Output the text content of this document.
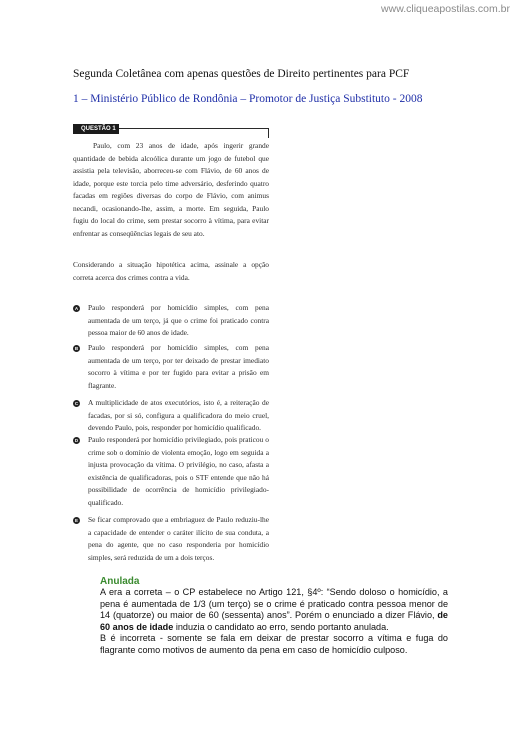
www.cliqueapostilas.com.br
Segunda Coletânea com apenas questões de Direito pertinentes para PCF
1 – Ministério Público de Rondônia – Promotor de Justiça Substituto - 2008
QUESTÃO 1

Paulo, com 23 anos de idade, após ingerir grande quantidade de bebida alcoólica durante um jogo de futebol que assistia pela televisão, aborreceu-se com Flávio, de 60 anos de idade, porque este torcia pelo time adversário, desferindo quatro facadas em regiões diversas do corpo de Flávio, com animus necandi, ocasionando-lhe, assim, a morte. Em seguida, Paulo fugiu do local do crime, sem prestar socorro à vítima, para evitar enfrentar as conseqüências legais de seu ato.

Considerando a situação hipotética acima, assinale a opção correta acerca dos crimes contra a vida.

A	Paulo responderá por homicídio simples, com pena aumentada de um terço, já que o crime foi praticado contra pessoa maior de 60 anos de idade.
B	Paulo responderá por homicídio simples, com pena aumentada de um terço, por ter deixado de prestar imediato socorro à vítima e por ter fugido para evitar a prisão em flagrante.
C	A multiplicidade de atos executórios, isto é, a reiteração de facadas, por si só, configura a qualificadora do meio cruel, devendo Paulo, pois, responder por homicídio qualificado.
D	Paulo responderá por homicídio privilegiado, pois praticou o crime sob o domínio de violenta emoção, logo em seguida a injusta provocação da vítima. O privilégio, no caso, afasta a existência de qualificadoras, pois o STF entende que não há possibilidade de ocorrência de homicídio privilegiado-qualificado.
E	Se ficar comprovado que a embriaguez de Paulo reduziu-lhe a capacidade de entender o caráter ilícito de sua conduta, a pena do agente, que no caso responderia por homicídio simples, será reduzida de um a dois terços.
Anulada

A era a correta – o CP estabelece no Artigo 121, §4º: “Sendo doloso o homicídio, a pena é aumentada de 1/3 (um terço) se o crime é praticado contra pessoa menor de 14 (quatorze) ou maior de 60 (sessenta) anos”. Porém o enunciado a dizer Flávio, de 60 anos de idade induzia o candidato ao erro, sendo portanto anulada.

B é incorreta - somente se fala em deixar de prestar socorro a vítima e fuga do flagrante como motivos de aumento da pena em caso de homicídio culposo.
